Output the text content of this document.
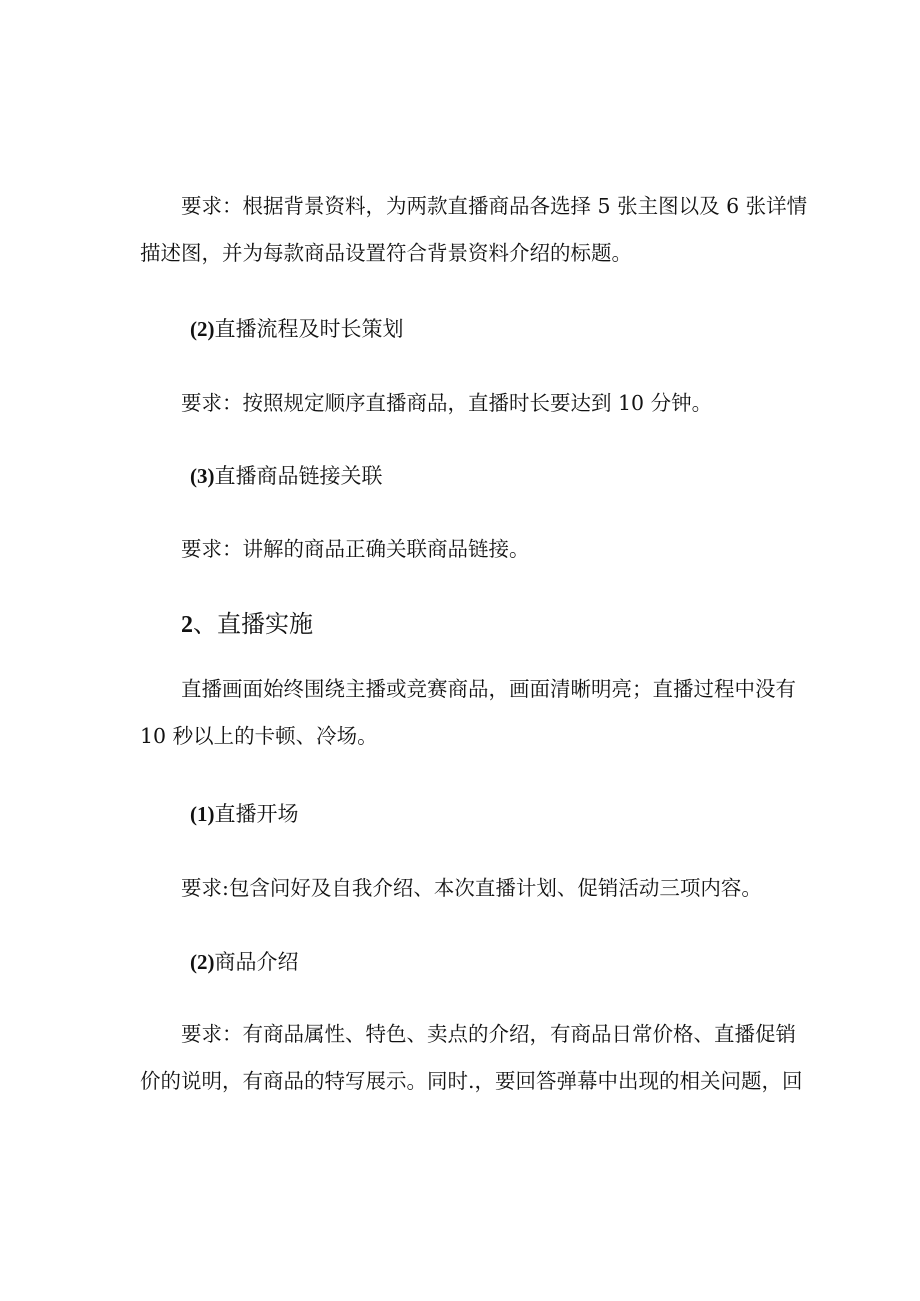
要求：根据背景资料，为两款直播商品各选择 5 张主图以及 6 张详情
描述图，并为每款商品设置符合背景资料介绍的标题。
(2)直播流程及时长策划
要求：按照规定顺序直播商品，直播时长要达到 10 分钟。
(3)直播商品链接关联
要求：讲解的商品正确关联商品链接。
2、直播实施
直播画面始终围绕主播或竞赛商品，画面清晰明亮；直播过程中没有
10 秒以上的卡顿、冷场。
(1)直播开场
要求:包含问好及自我介绍、本次直播计划、促销活动三项内容。
(2)商品介绍
要求：有商品属性、特色、卖点的介绍，有商品日常价格、直播促销
价的说明，有商品的特写展示。同时.，要回答弹幕中出现的相关问题，回
